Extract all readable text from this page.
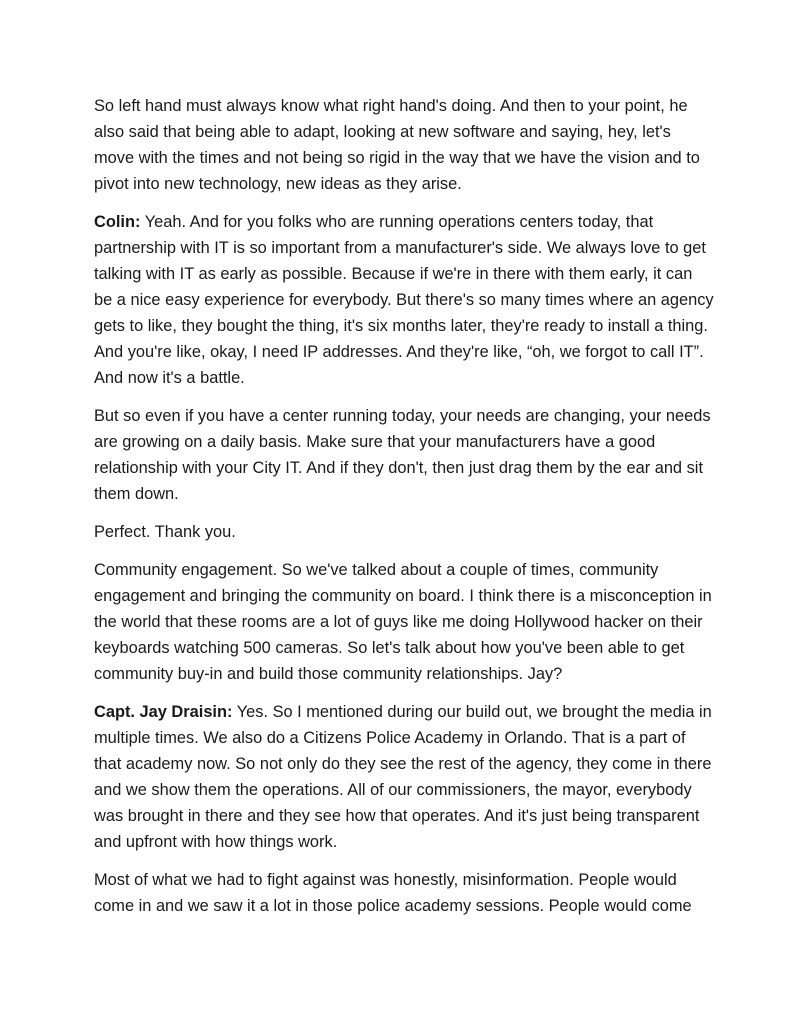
So left hand must always know what right hand's doing. And then to your point, he also said that being able to adapt, looking at new software and saying, hey, let's move with the times and not being so rigid in the way that we have the vision and to pivot into new technology, new ideas as they arise.

Colin: Yeah. And for you folks who are running operations centers today, that partnership with IT is so important from a manufacturer's side. We always love to get talking with IT as early as possible. Because if we're in there with them early, it can be a nice easy experience for everybody. But there's so many times where an agency gets to like, they bought the thing, it's six months later, they're ready to install a thing. And you're like, okay, I need IP addresses. And they're like, “oh, we forgot to call IT”. And now it's a battle.

But so even if you have a center running today, your needs are changing, your needs are growing on a daily basis. Make sure that your manufacturers have a good relationship with your City IT. And if they don't, then just drag them by the ear and sit them down.

Perfect. Thank you.

Community engagement. So we've talked about a couple of times, community engagement and bringing the community on board. I think there is a misconception in the world that these rooms are a lot of guys like me doing Hollywood hacker on their keyboards watching 500 cameras. So let's talk about how you've been able to get community buy-in and build those community relationships. Jay?

Capt. Jay Draisin: Yes. So I mentioned during our build out, we brought the media in multiple times. We also do a Citizens Police Academy in Orlando. That is a part of that academy now. So not only do they see the rest of the agency, they come in there and we show them the operations. All of our commissioners, the mayor, everybody was brought in there and they see how that operates. And it's just being transparent and upfront with how things work.

Most of what we had to fight against was honestly, misinformation. People would come in and we saw it a lot in those police academy sessions. People would come
